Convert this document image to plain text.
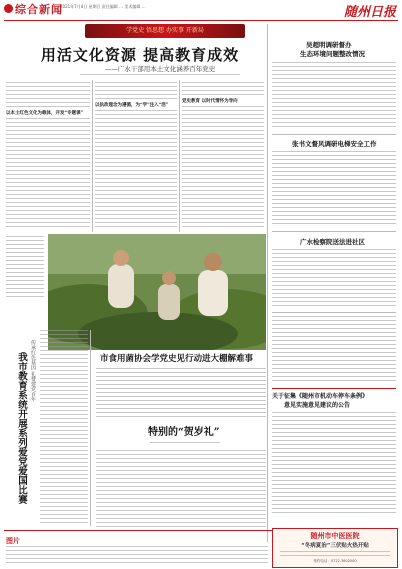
综合新闻
2021年7月4日 星期日 责任编辑 … 美术编辑 …	随州日报
学党史 悟思想 办实事 开新局
用活文化资源 提高教育成效
——广水干部用本土文化涵养百年党史
以本土红色文化为载体，开发“专题课”
以执政理念为遵循，为“学”注入“活”
党史教育 以时代情怀为导向
吴超明调研督办
生态环境问题整改情况
张书文督风调研电梯安全工作
广水检察院送法进社区
关于征集《随州市机动车停车条例》
意见实施意见建议的公告
我市教育系统开展系列爱党爱国比赛 传承红色基因 礼赞建党百年	市食用菌协会学党史见行动进大棚解难事
特别的“贺岁礼”
图片
随州市中医医院
“冬病夏治”三伏贴火热开贴
预约电话：0722-3802000
